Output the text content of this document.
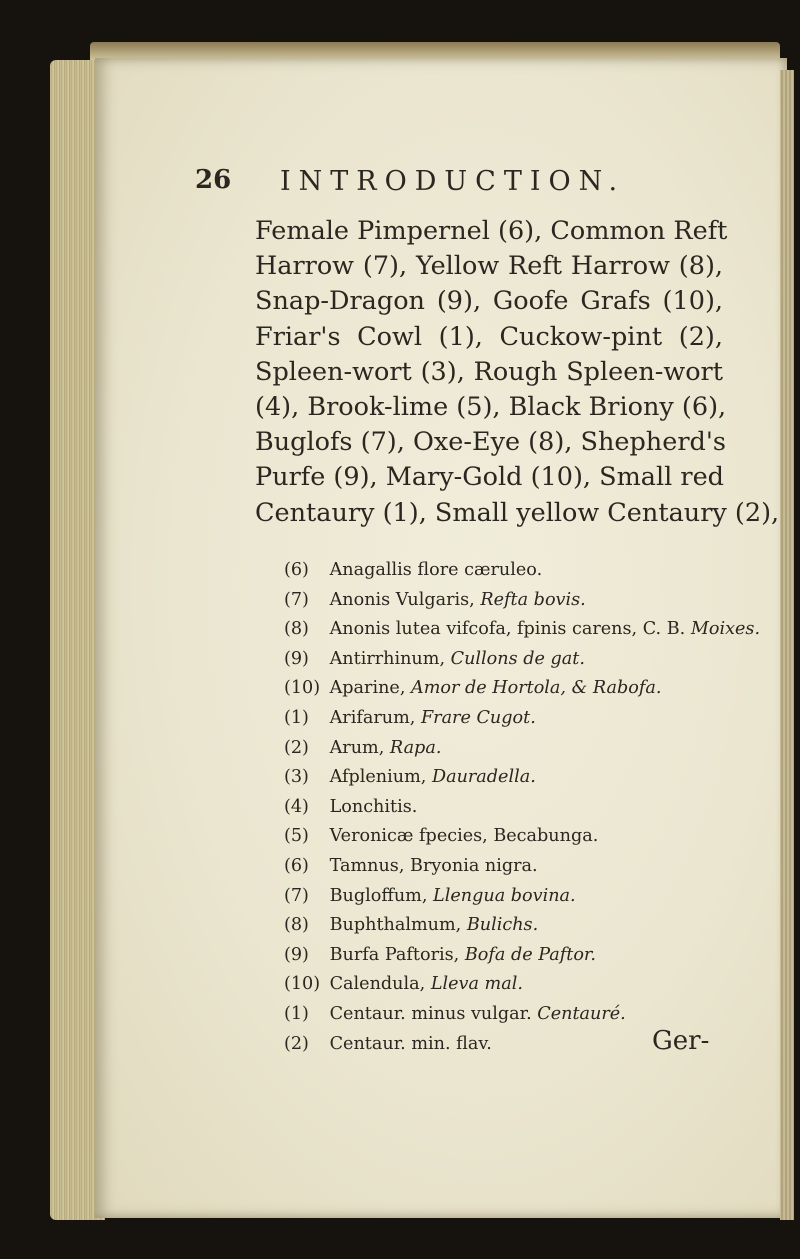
26 INTRODUCTION.
Female Pimpernel (6), Common Reft
Harrow (7), Yellow Reft Harrow (8),
Snap-Dragon (9), Goofe Grafs (10),
Friar's Cowl (1), Cuckow-pint (2),
Spleen-wort (3), Rough Spleen-wort
(4), Brook-lime (5), Black Briony (6),
Buglofs (7), Oxe-Eye (8), Shepherd's
Purfe (9), Mary-Gold (10), Small red
Centaury (1), Small yellow Centaury (2),
(6) Anagallis flore cæruleo.
(7) Anonis Vulgaris, Refta bovis.
(8) Anonis lutea vifcofa, fpinis carens, C. B. Moixes.
(9) Antirrhinum, Cullons de gat.
(10) Aparine, Amor de Hortola, & Rabofa.
(1) Arifarum, Frare Cugot.
(2) Arum, Rapa.
(3) Afplenium, Dauradella.
(4) Lonchitis.
(5) Veronicæ fpecies, Becabunga.
(6) Tamnus, Bryonia nigra.
(7) Bugloffum, Llengua bovina.
(8) Buphthalmum, Bulichs.
(9) Burfa Paftoris, Bofa de Paftor.
(10) Calendula, Lleva mal.
(1) Centaur. minus vulgar. Centauré.
(2) Centaur. min. flav.	Ger-
